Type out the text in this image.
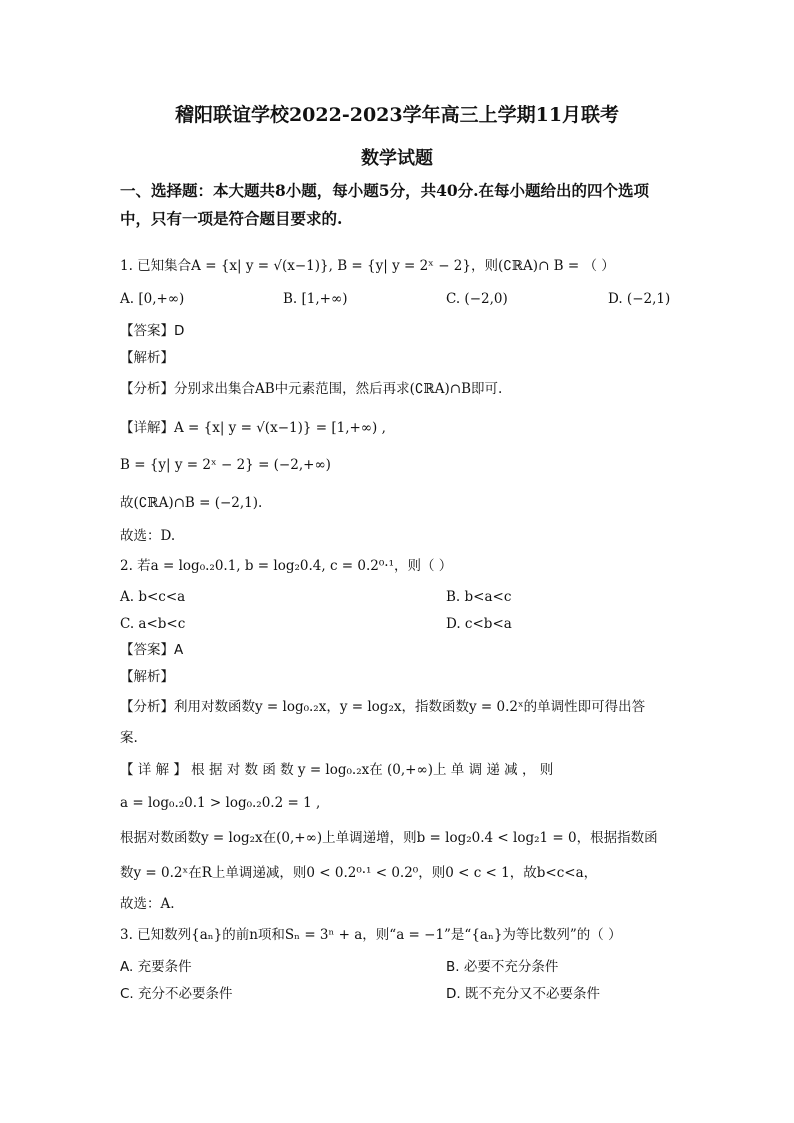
稽阳联谊学校2022-2023学年高三上学期11月联考
数学试题
一、选择题：本大题共8小题，每小题5分，共40分.在每小题给出的四个选项
中，只有一项是符合题目要求的.
1. 已知集合A = {x| y = √(x−1)}, B = {y| y = 2ˣ − 2}，则(∁ℝA)∩ B = （ ）
A. [0,+∞)	B. [1,+∞)	C. (−2,0)	D. (−2,1)
【答案】D
【解析】
【分析】分别求出集合AB中元素范围，然后再求(∁ℝA)∩B即可.
【详解】A = {x| y = √(x−1)} = [1,+∞) ,
B = {y| y = 2ˣ − 2} = (−2,+∞)
故(∁ℝA)∩B = (−2,1).
故选：D.
2. 若a = log₀.₂0.1, b = log₂0.4, c = 0.2⁰·¹，则（ ）
A. b<c<a	B. b<a<c
C. a<b<c	D. c<b<a
【答案】A
【解析】
【分析】利用对数函数y = log₀.₂x，y = log₂x，指数函数y = 0.2ˣ的单调性即可得出答
案.
【 详 解 】 根 据 对 数 函 数 y = log₀.₂x在 (0,+∞)上 单 调 递 减 ， 则
a = log₀.₂0.1 > log₀.₂0.2 = 1 ,
根据对数函数y = log₂x在(0,+∞)上单调递增，则b = log₂0.4 < log₂1 = 0，根据指数函
数y = 0.2ˣ在R上单调递减，则0 < 0.2⁰·¹ < 0.2⁰，则0 < c < 1，故b<c<a，
故选：A.
3. 已知数列{aₙ}的前n项和Sₙ = 3ⁿ + a，则“a = −1”是“{aₙ}为等比数列”的（ ）
A. 充要条件	B. 必要不充分条件
C. 充分不必要条件	D. 既不充分又不必要条件
